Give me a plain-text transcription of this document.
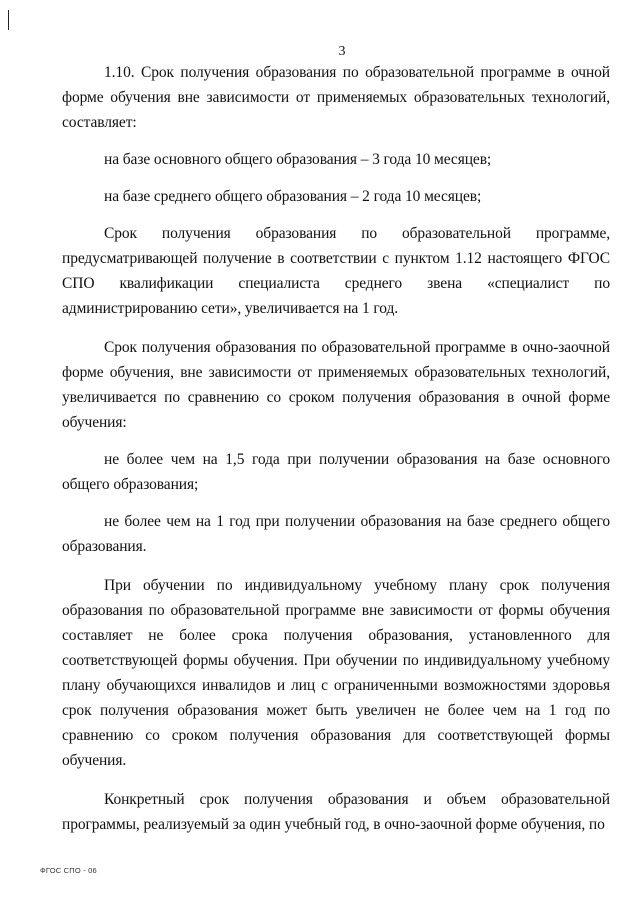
3

1.10. Срок получения образования по образовательной программе в очной форме обучения вне зависимости от применяемых образовательных технологий, составляет:

на базе основного общего образования – 3 года 10 месяцев;

на базе среднего общего образования – 2 года 10 месяцев;

Срок получения образования по образовательной программе, предусматривающей получение в соответствии с пунктом 1.12 настоящего ФГОС СПО квалификации специалиста среднего звена «специалист по администрированию сети», увеличивается на 1 год.

Срок получения образования по образовательной программе в очно-заочной форме обучения, вне зависимости от применяемых образовательных технологий, увеличивается по сравнению со сроком получения образования в очной форме обучения:

не более чем на 1,5 года при получении образования на базе основного общего образования;

не более чем на 1 год при получении образования на базе среднего общего образования.

При обучении по индивидуальному учебному плану срок получения образования по образовательной программе вне зависимости от формы обучения составляет не более срока получения образования, установленного для соответствующей формы обучения. При обучении по индивидуальному учебному плану обучающихся инвалидов и лиц с ограниченными возможностями здоровья срок получения образования может быть увеличен не более чем на 1 год по сравнению со сроком получения образования для соответствующей формы обучения.

Конкретный срок получения образования и объем образовательной программы, реализуемый за один учебный год, в очно-заочной форме обучения, по

ФГОС СПО - 06
